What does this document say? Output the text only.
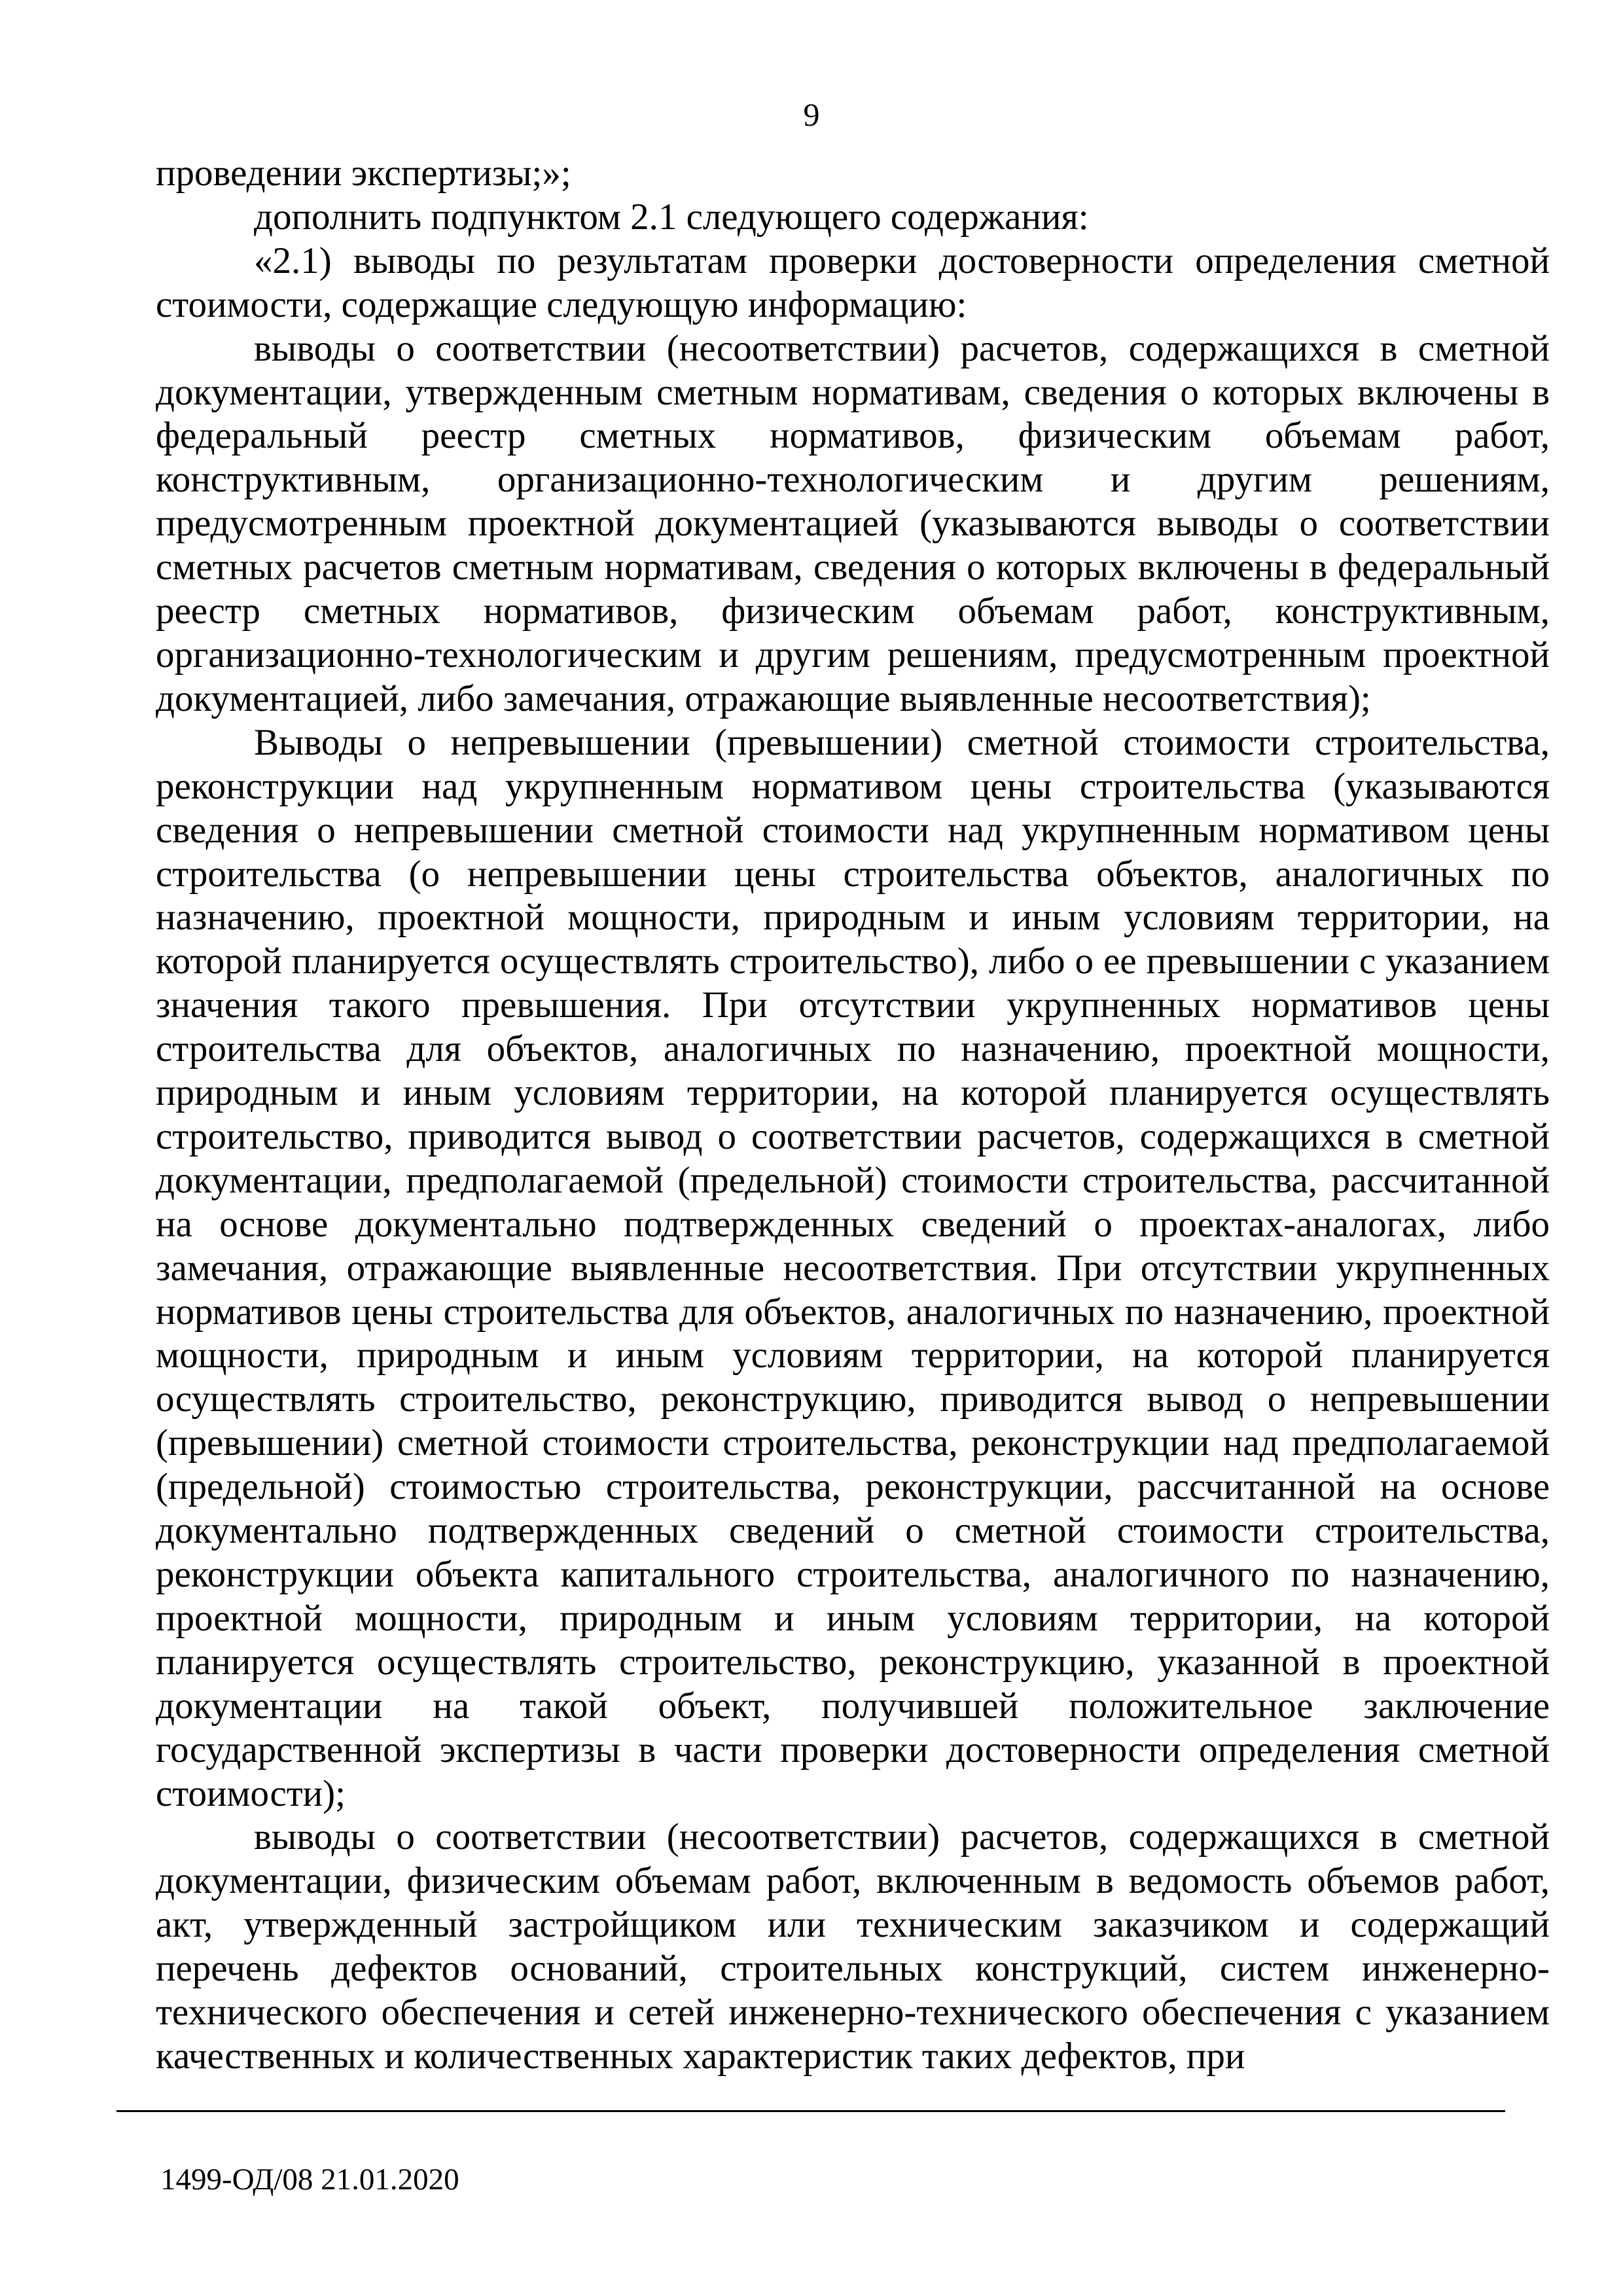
9

проведении экспертизы;»;

дополнить подпунктом 2.1 следующего содержания:

«2.1) выводы по результатам проверки достоверности определения сметной стоимости, содержащие следующую информацию:

выводы о соответствии (несоответствии) расчетов, содержащихся в сметной документации, утвержденным сметным нормативам, сведения о которых включены в федеральный реестр сметных нормативов, физическим объемам работ, конструктивным, организационно-технологическим и другим решениям, предусмотренным проектной документацией (указываются выводы о соответствии сметных расчетов сметным нормативам, сведения о которых включены в федеральный реестр сметных нормативов, физическим объемам работ, конструктивным, организационно-технологическим и другим решениям, предусмотренным проектной документацией, либо замечания, отражающие выявленные несоответствия);

Выводы о непревышении (превышении) сметной стоимости строительства, реконструкции над укрупненным нормативом цены строительства (указываются сведения о непревышении сметной стоимости над укрупненным нормативом цены строительства (о непревышении цены строительства объектов, аналогичных по назначению, проектной мощности, природным и иным условиям территории, на которой планируется осуществлять строительство), либо о ее превышении с указанием значения такого превышения. При отсутствии укрупненных нормативов цены строительства для объектов, аналогичных по назначению, проектной мощности, природным и иным условиям территории, на которой планируется осуществлять строительство, приводится вывод о соответствии расчетов, содержащихся в сметной документации, предполагаемой (предельной) стоимости строительства, рассчитанной на основе документально подтвержденных сведений о проектах-аналогах, либо замечания, отражающие выявленные несоответствия. При отсутствии укрупненных нормативов цены строительства для объектов, аналогичных по назначению, проектной мощности, природным и иным условиям территории, на которой планируется осуществлять строительство, реконструкцию, приводится вывод о непревышении (превышении) сметной стоимости строительства, реконструкции над предполагаемой (предельной) стоимостью строительства, реконструкции, рассчитанной на основе документально подтвержденных сведений о сметной стоимости строительства, реконструкции объекта капитального строительства, аналогичного по назначению, проектной мощности, природным и иным условиям территории, на которой планируется осуществлять строительство, реконструкцию, указанной в проектной документации на такой объект, получившей положительное заключение государственной экспертизы в части проверки достоверности определения сметной стоимости);

выводы о соответствии (несоответствии) расчетов, содержащихся в сметной документации, физическим объемам работ, включенным в ведомость объемов работ, акт, утвержденный застройщиком или техническим заказчиком и содержащий перечень дефектов оснований, строительных конструкций, систем инженерно-технического обеспечения и сетей инженерно-технического обеспечения с указанием качественных и количественных характеристик таких дефектов, при

1499-ОД/08 21.01.2020
